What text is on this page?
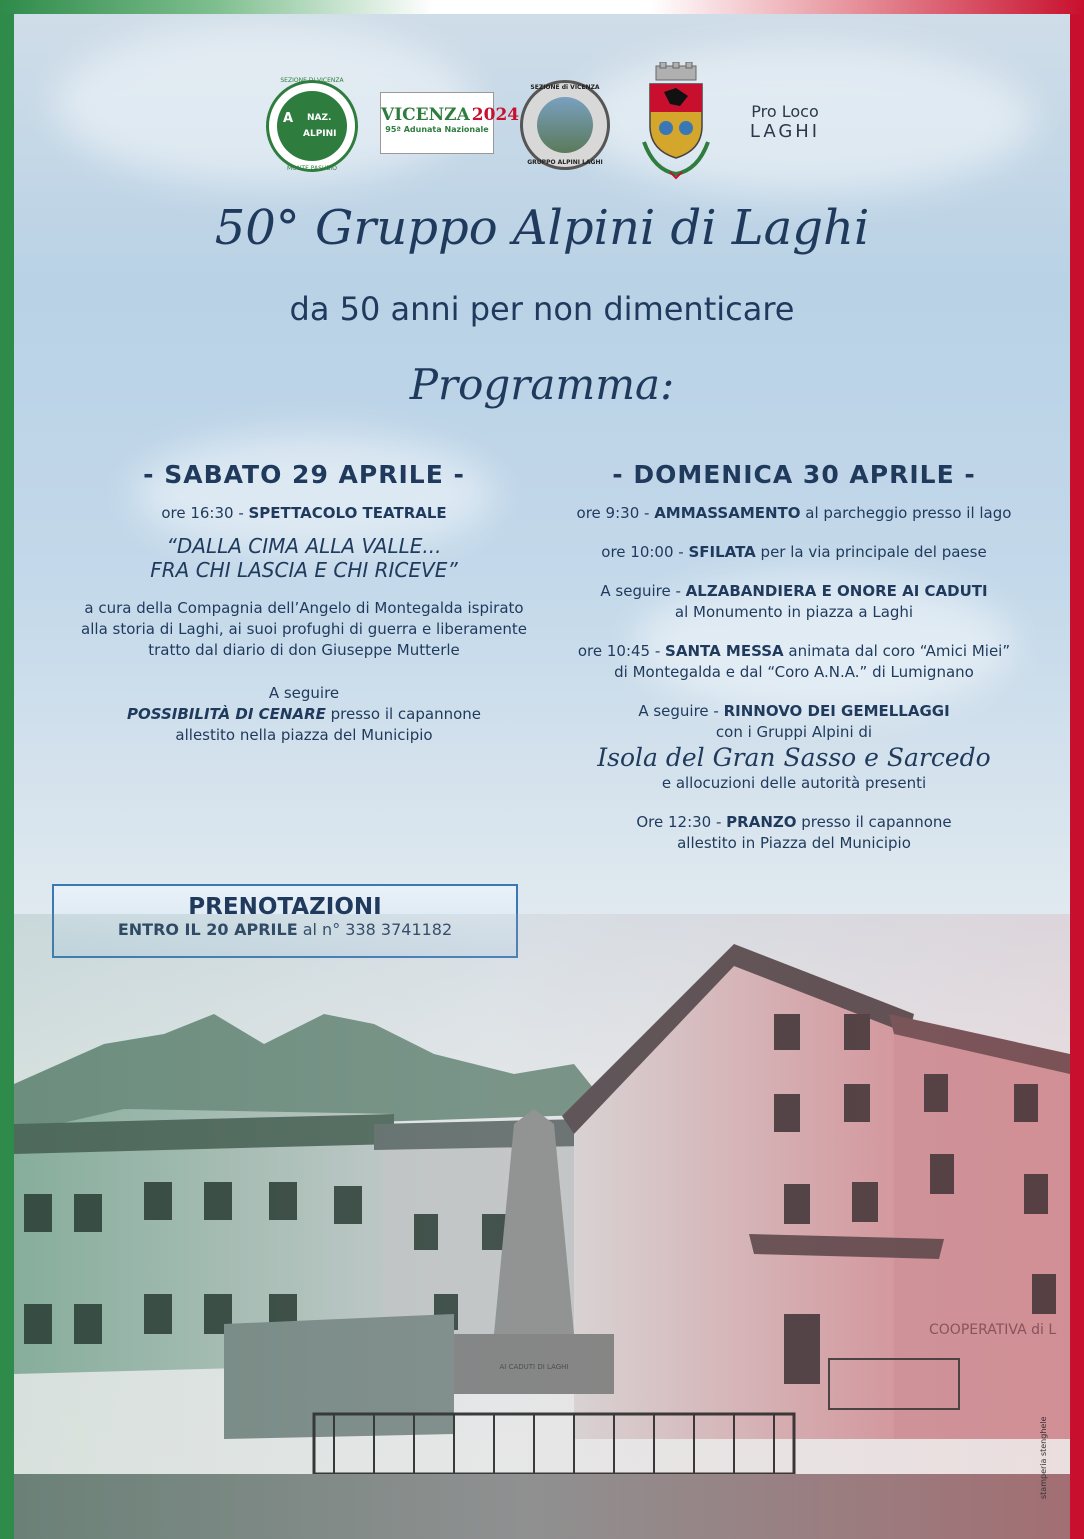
SEZIONE DI VICENZA
A NAZ.
ALPINI
MONTE PASUBIO
VICENZA 2024
95ª Adunata Nazionale
SEZIONE di VICENZA
GRUPPO ALPINI LAGHI
Pro Loco
LAGHI
50° Gruppo Alpini di Laghi
da 50 anni per non dimenticare
Programma:
- SABATO 29 APRILE -
ore 16:30 - SPETTACOLO TEATRALE
“DALLA CIMA ALLA VALLE...
FRA CHI LASCIA E CHI RICEVE”
a cura della Compagnia dell’Angelo di Montegalda ispirato
alla storia di Laghi, ai suoi profughi di guerra e liberamente
tratto dal diario di don Giuseppe Mutterle
A seguire
POSSIBILITÀ DI CENARE presso il capannone
allestito nella piazza del Municipio
- DOMENICA 30 APRILE -
ore 9:30 - AMMASSAMENTO al parcheggio presso il lago
ore 10:00 - SFILATA per la via principale del paese
A seguire - ALZABANDIERA E ONORE AI CADUTI
al Monumento in piazza a Laghi
ore 10:45 - SANTA MESSA animata dal coro “Amici Miei”
di Montegalda e dal “Coro A.N.A.” di Lumignano
A seguire - RINNOVO DEI GEMELLAGGI
con i Gruppi Alpini di
Isola del Gran Sasso e Sarcedo
e allocuzioni delle autorità presenti
Ore 12:30 - PRANZO presso il capannone
allestito in Piazza del Municipio
PRENOTAZIONI
ENTRO IL 20 APRILE al n° 338 3741182
COOPERATIVA di L
AI CADUTI DI LAGHI
stamperia stenghele
